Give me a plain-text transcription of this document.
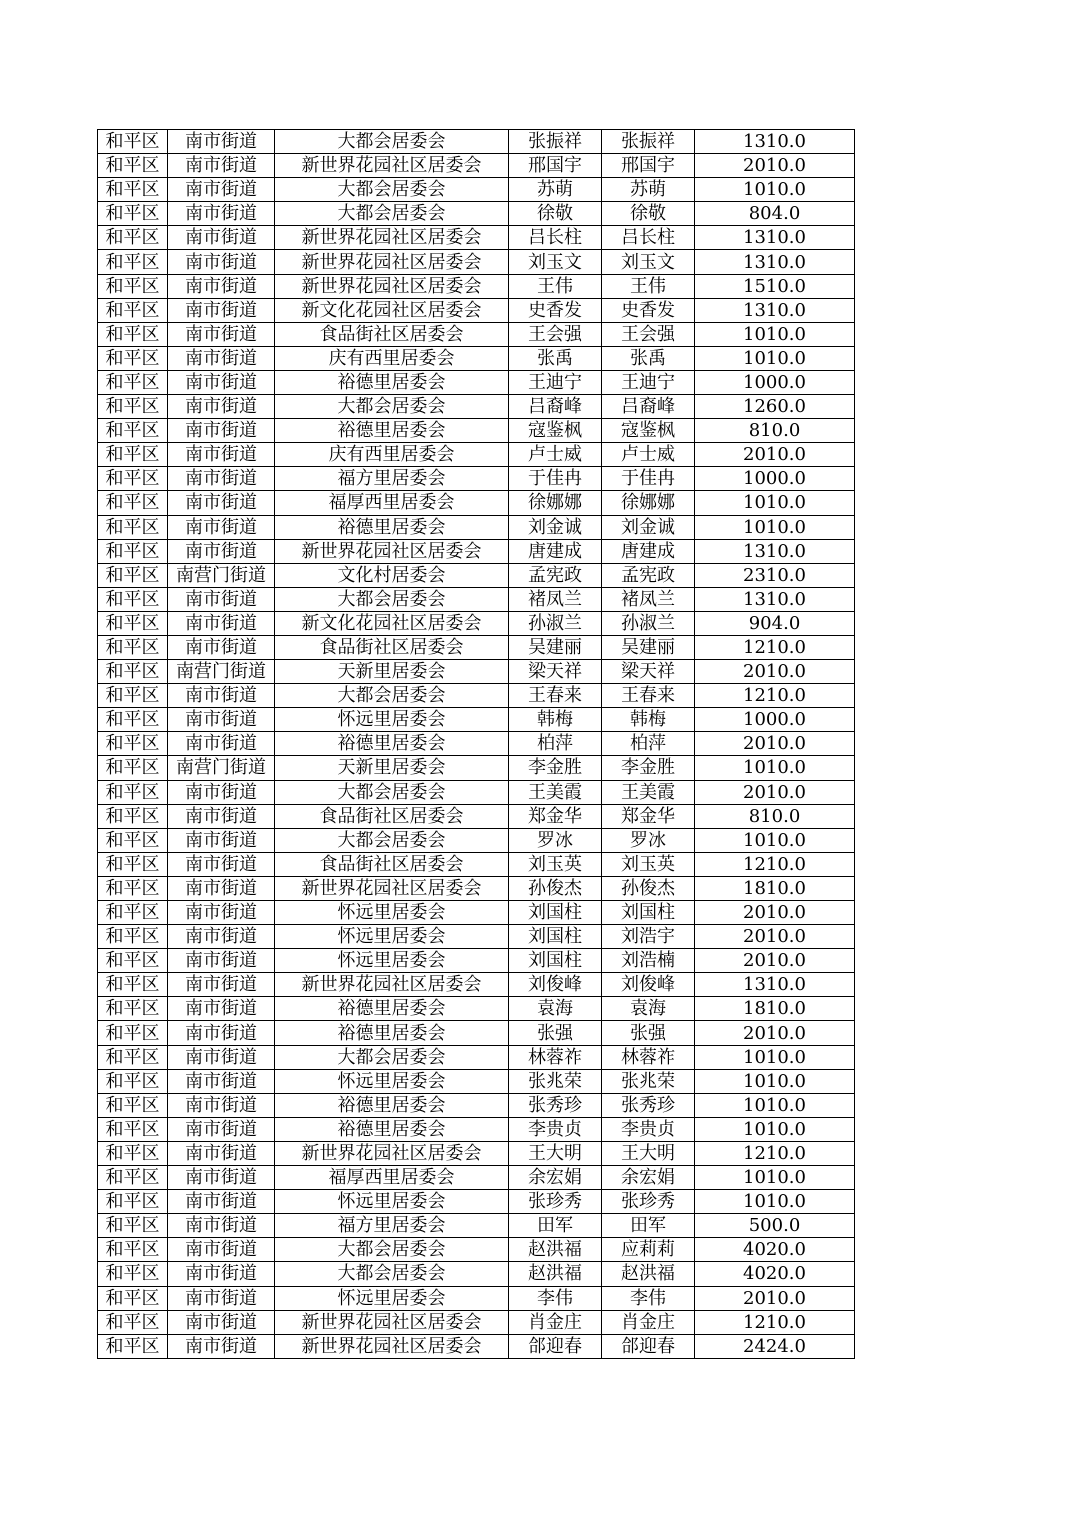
和平区	南市街道	大都会居委会	张振祥	张振祥	1310.0
和平区	南市街道	新世界花园社区居委会	邢国宇	邢国宇	2010.0
和平区	南市街道	大都会居委会	苏萌	苏萌	1010.0
和平区	南市街道	大都会居委会	徐敬	徐敬	804.0
和平区	南市街道	新世界花园社区居委会	吕长柱	吕长柱	1310.0
和平区	南市街道	新世界花园社区居委会	刘玉文	刘玉文	1310.0
和平区	南市街道	新世界花园社区居委会	王伟	王伟	1510.0
和平区	南市街道	新文化花园社区居委会	史香发	史香发	1310.0
和平区	南市街道	食品街社区居委会	王会强	王会强	1010.0
和平区	南市街道	庆有西里居委会	张禹	张禹	1010.0
和平区	南市街道	裕德里居委会	王迪宁	王迪宁	1000.0
和平区	南市街道	大都会居委会	吕裔峰	吕裔峰	1260.0
和平区	南市街道	裕德里居委会	寇鉴枫	寇鉴枫	810.0
和平区	南市街道	庆有西里居委会	卢士威	卢士威	2010.0
和平区	南市街道	福方里居委会	于佳冉	于佳冉	1000.0
和平区	南市街道	福厚西里居委会	徐娜娜	徐娜娜	1010.0
和平区	南市街道	裕德里居委会	刘金诚	刘金诚	1010.0
和平区	南市街道	新世界花园社区居委会	唐建成	唐建成	1310.0
和平区	南营门街道	文化村居委会	孟宪政	孟宪政	2310.0
和平区	南市街道	大都会居委会	褚凤兰	褚凤兰	1310.0
和平区	南市街道	新文化花园社区居委会	孙淑兰	孙淑兰	904.0
和平区	南市街道	食品街社区居委会	吴建丽	吴建丽	1210.0
和平区	南营门街道	天新里居委会	梁天祥	梁天祥	2010.0
和平区	南市街道	大都会居委会	王春来	王春来	1210.0
和平区	南市街道	怀远里居委会	韩梅	韩梅	1000.0
和平区	南市街道	裕德里居委会	柏萍	柏萍	2010.0
和平区	南营门街道	天新里居委会	李金胜	李金胜	1010.0
和平区	南市街道	大都会居委会	王美霞	王美霞	2010.0
和平区	南市街道	食品街社区居委会	郑金华	郑金华	810.0
和平区	南市街道	大都会居委会	罗冰	罗冰	1010.0
和平区	南市街道	食品街社区居委会	刘玉英	刘玉英	1210.0
和平区	南市街道	新世界花园社区居委会	孙俊杰	孙俊杰	1810.0
和平区	南市街道	怀远里居委会	刘国柱	刘国柱	2010.0
和平区	南市街道	怀远里居委会	刘国柱	刘浩宇	2010.0
和平区	南市街道	怀远里居委会	刘国柱	刘浩楠	2010.0
和平区	南市街道	新世界花园社区居委会	刘俊峰	刘俊峰	1310.0
和平区	南市街道	裕德里居委会	袁海	袁海	1810.0
和平区	南市街道	裕德里居委会	张强	张强	2010.0
和平区	南市街道	大都会居委会	林蓉祚	林蓉祚	1010.0
和平区	南市街道	怀远里居委会	张兆荣	张兆荣	1010.0
和平区	南市街道	裕德里居委会	张秀珍	张秀珍	1010.0
和平区	南市街道	裕德里居委会	李贵贞	李贵贞	1010.0
和平区	南市街道	新世界花园社区居委会	王大明	王大明	1210.0
和平区	南市街道	福厚西里居委会	余宏娟	余宏娟	1010.0
和平区	南市街道	怀远里居委会	张珍秀	张珍秀	1010.0
和平区	南市街道	福方里居委会	田军	田军	500.0
和平区	南市街道	大都会居委会	赵洪福	应莉莉	4020.0
和平区	南市街道	大都会居委会	赵洪福	赵洪福	4020.0
和平区	南市街道	怀远里居委会	李伟	李伟	2010.0
和平区	南市街道	新世界花园社区居委会	肖金庄	肖金庄	1210.0
和平区	南市街道	新世界花园社区居委会	郃迎春	郃迎春	2424.0
